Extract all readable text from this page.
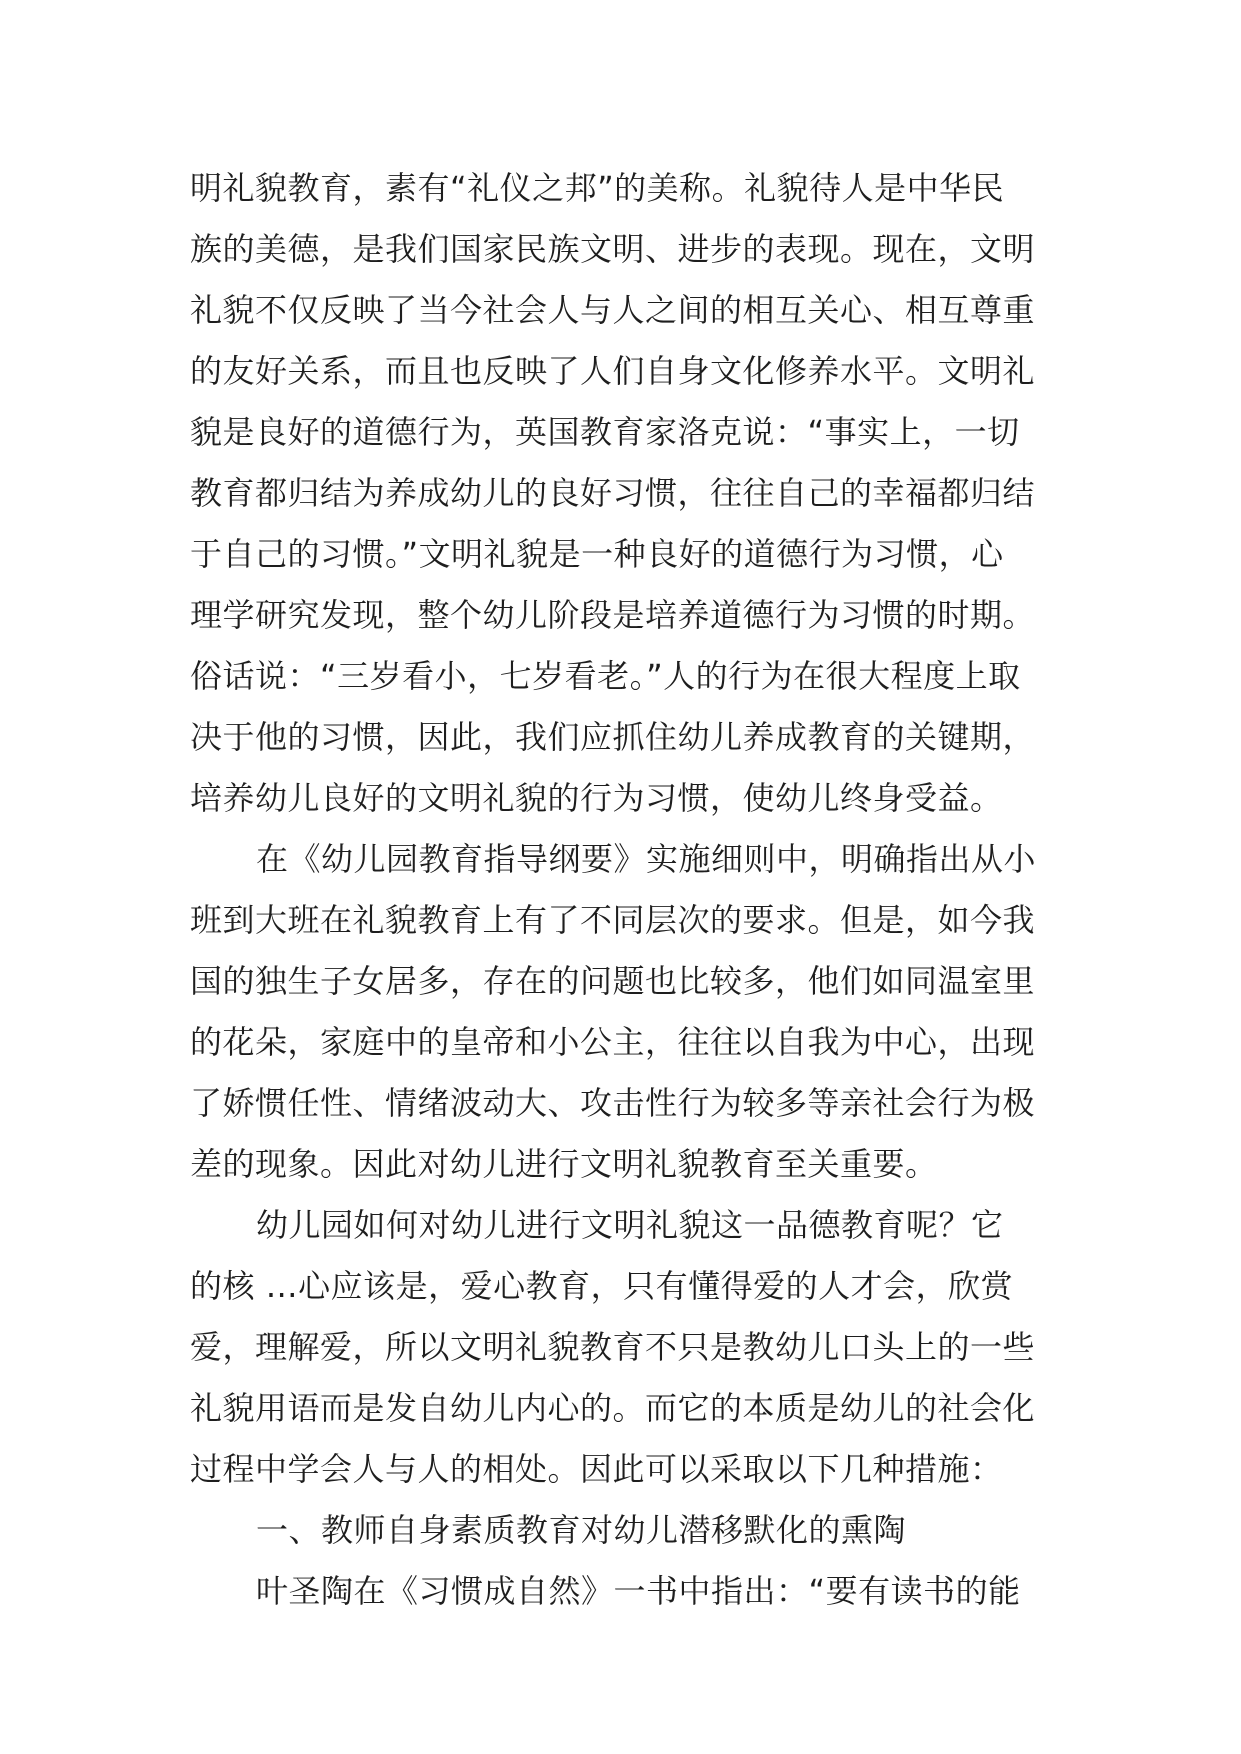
明礼貌教育，素有“礼仪之邦”的美称。礼貌待人是中华民
族的美德，是我们国家民族文明、进步的表现。现在，文明
礼貌不仅反映了当今社会人与人之间的相互关心、相互尊重
的友好关系，而且也反映了人们自身文化修养水平。文明礼
貌是良好的道德行为，英国教育家洛克说：“事实上，一切
教育都归结为养成幼儿的良好习惯，往往自己的幸福都归结
于自己的习惯。”文明礼貌是一种良好的道德行为习惯，心
理学研究发现，整个幼儿阶段是培养道德行为习惯的时期。
俗话说：“三岁看小，七岁看老。”人的行为在很大程度上取
决于他的习惯，因此，我们应抓住幼儿养成教育的关键期，
培养幼儿良好的文明礼貌的行为习惯，使幼儿终身受益。
在《幼儿园教育指导纲要》实施细则中，明确指出从小
班到大班在礼貌教育上有了不同层次的要求。但是，如今我
国的独生子女居多，存在的问题也比较多，他们如同温室里
的花朵，家庭中的皇帝和小公主，往往以自我为中心，出现
了娇惯任性、情绪波动大、攻击性行为较多等亲社会行为极
差的现象。因此对幼儿进行文明礼貌教育至关重要。
幼儿园如何对幼儿进行文明礼貌这一品德教育呢？它
的核 …心应该是，爱心教育，只有懂得爱的人才会，欣赏
爱，理解爱，所以文明礼貌教育不只是教幼儿口头上的一些
礼貌用语而是发自幼儿内心的。而它的本质是幼儿的社会化
过程中学会人与人的相处。因此可以采取以下几种措施：
一、教师自身素质教育对幼儿潜移默化的熏陶
叶圣陶在《习惯成自然》一书中指出：“要有读书的能
